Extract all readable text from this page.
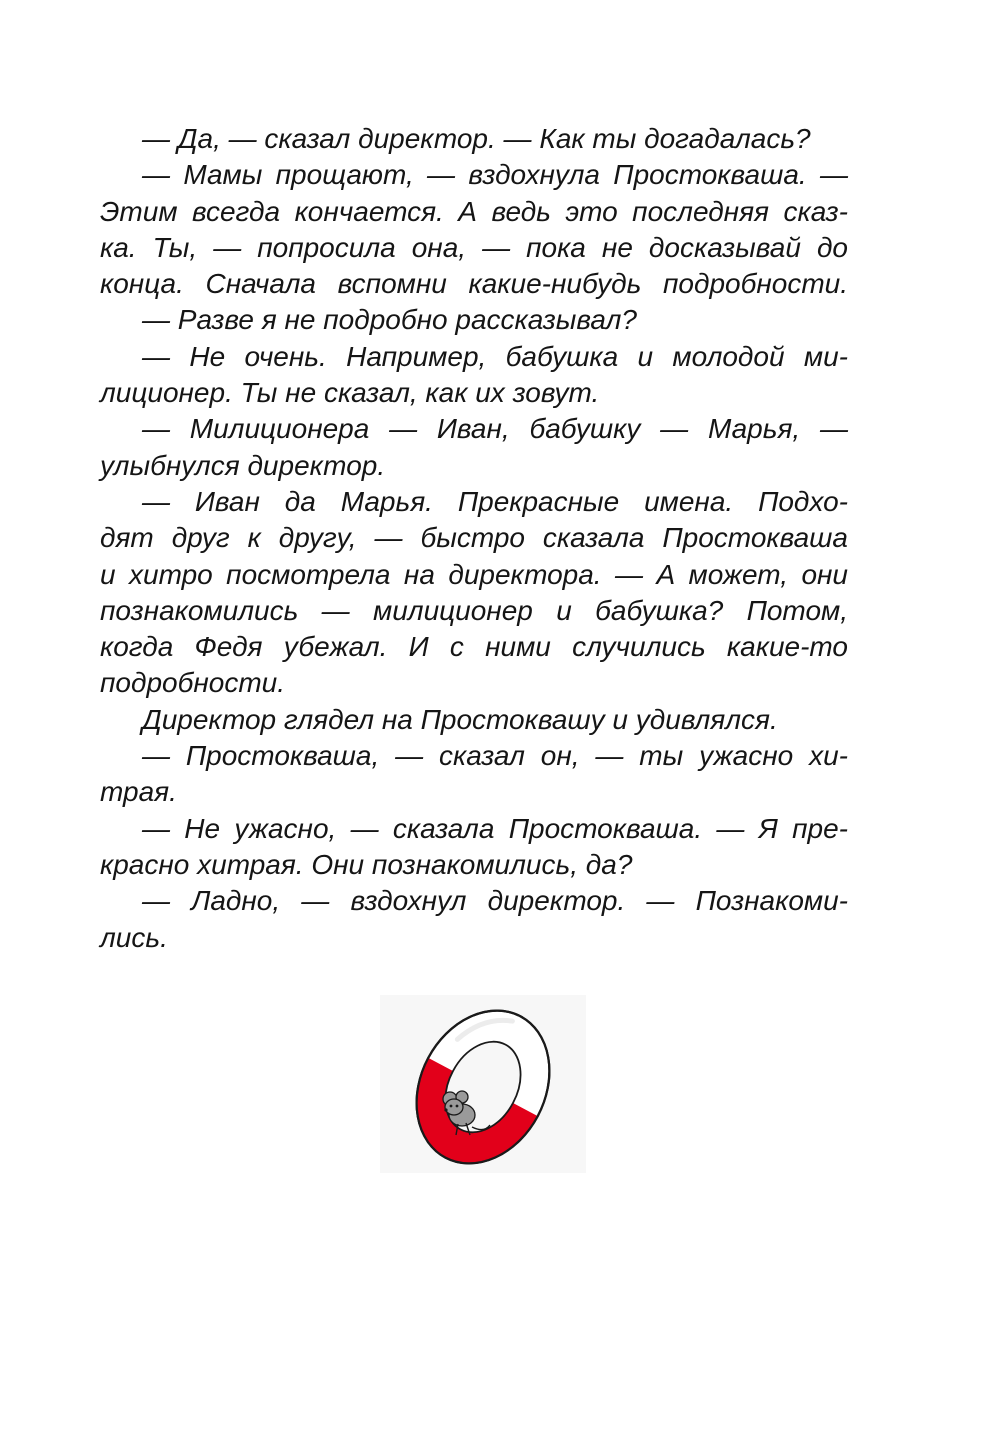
— Да, — сказал директор. — Как ты догадалась?
— Мамы прощают, — вздохнула Простокваша. —
Этим всегда кончается. А ведь это последняя сказ-
ка. Ты, — попросила она, — пока не досказывай до
конца. Сначала вспомни какие-нибудь подробности.
— Разве я не подробно рассказывал?
— Не очень. Например, бабушка и молодой ми-
лиционер. Ты не сказал, как их зовут.
— Милиционера — Иван, бабушку — Марья, —
улыбнулся директор.
— Иван да Марья. Прекрасные имена. Подхо-
дят друг к другу, — быстро сказала Простокваша
и хитро посмотрела на директора. — А может, они
познакомились — милиционер и бабушка? Потом,
когда Федя убежал. И с ними случились какие-то
подробности.
Директор глядел на Простоквашу и удивлялся.
— Простокваша, — сказал он, — ты ужасно хи-
трая.
— Не ужасно, — сказала Простокваша. — Я пре-
красно хитрая. Они познакомились, да?
— Ладно, — вздохнул директор. — Познакоми-
лись.
